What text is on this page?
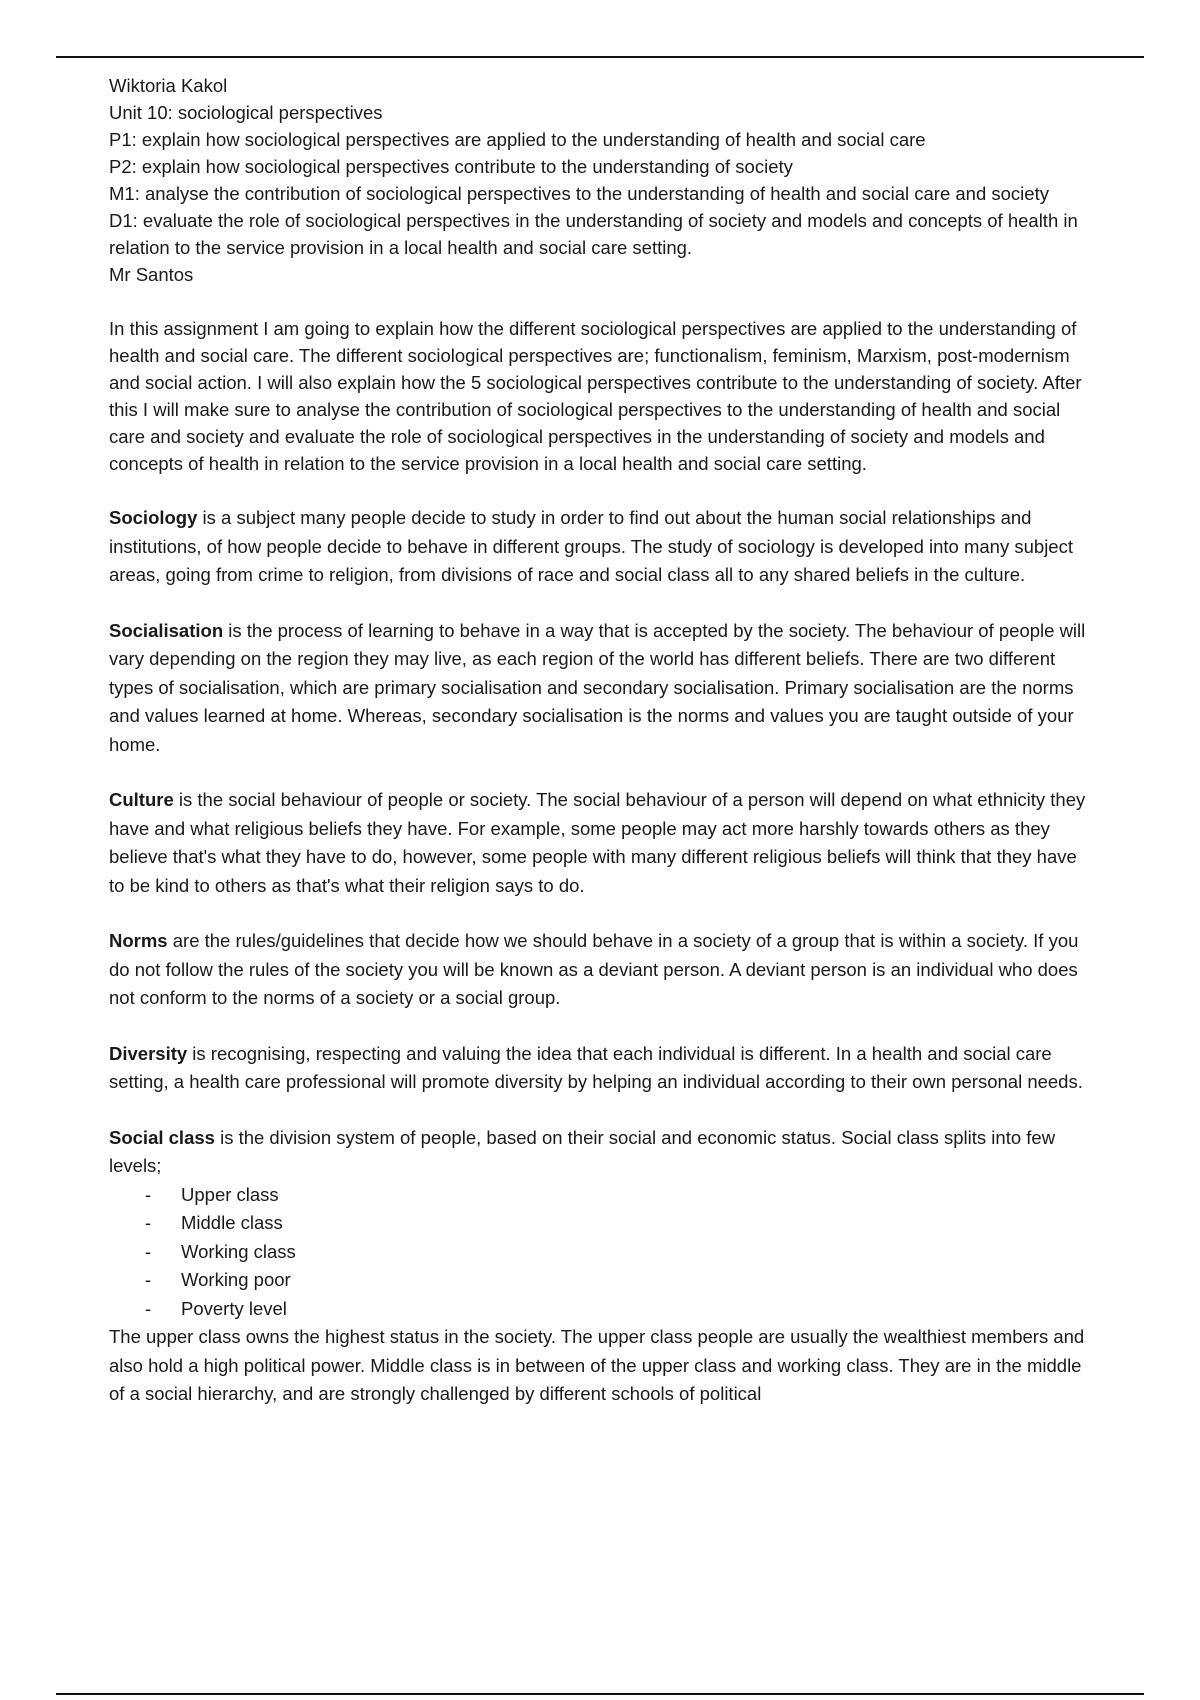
Wiktoria Kakol

Unit 10: sociological perspectives

P1: explain how sociological perspectives are applied to the understanding of health and social care

P2: explain how sociological perspectives contribute to the understanding of society

M1: analyse the contribution of sociological perspectives to the understanding of health and social care and society

D1: evaluate the role of sociological perspectives in the understanding of society and models and concepts of health in relation to the service provision in a local health and social care setting.

Mr Santos

In this assignment I am going to explain how the different sociological perspectives are applied to the understanding of health and social care. The different sociological perspectives are; functionalism, feminism, Marxism, post-modernism and social action. I will also explain how the 5 sociological perspectives contribute to the understanding of society. After this I will make sure to analyse the contribution of sociological perspectives to the understanding of health and social care and society and evaluate the role of sociological perspectives in the understanding of society and models and concepts of health in relation to the service provision in a local health and social care setting.

Sociology is a subject many people decide to study in order to find out about the human social relationships and institutions, of how people decide to behave in different groups. The study of sociology is developed into many subject areas, going from crime to religion, from divisions of race and social class all to any shared beliefs in the culture.

Socialisation is the process of learning to behave in a way that is accepted by the society. The behaviour of people will vary depending on the region they may live, as each region of the world has different beliefs. There are two different types of socialisation, which are primary socialisation and secondary socialisation. Primary socialisation are the norms and values learned at home. Whereas, secondary socialisation is the norms and values you are taught outside of your home.

Culture is the social behaviour of people or society. The social behaviour of a person will depend on what ethnicity they have and what religious beliefs they have. For example, some people may act more harshly towards others as they believe that's what they have to do, however, some people with many different religious beliefs will think that they have to be kind to others as that's what their religion says to do.

Norms are the rules/guidelines that decide how we should behave in a society of a group that is within a society. If you do not follow the rules of the society you will be known as a deviant person. A deviant person is an individual who does not conform to the norms of a society or a social group.

Diversity is recognising, respecting and valuing the idea that each individual is different. In a health and social care setting, a health care professional will promote diversity by helping an individual according to their own personal needs.

Social class is the division system of people, based on their social and economic status. Social class splits into few levels;

- Upper class
- Middle class
- Working class
- Working poor
- Poverty level

The upper class owns the highest status in the society. The upper class people are usually the wealthiest members and also hold a high political power. Middle class is in between of the upper class and working class. They are in the middle of a social hierarchy, and are strongly challenged by different schools of political
